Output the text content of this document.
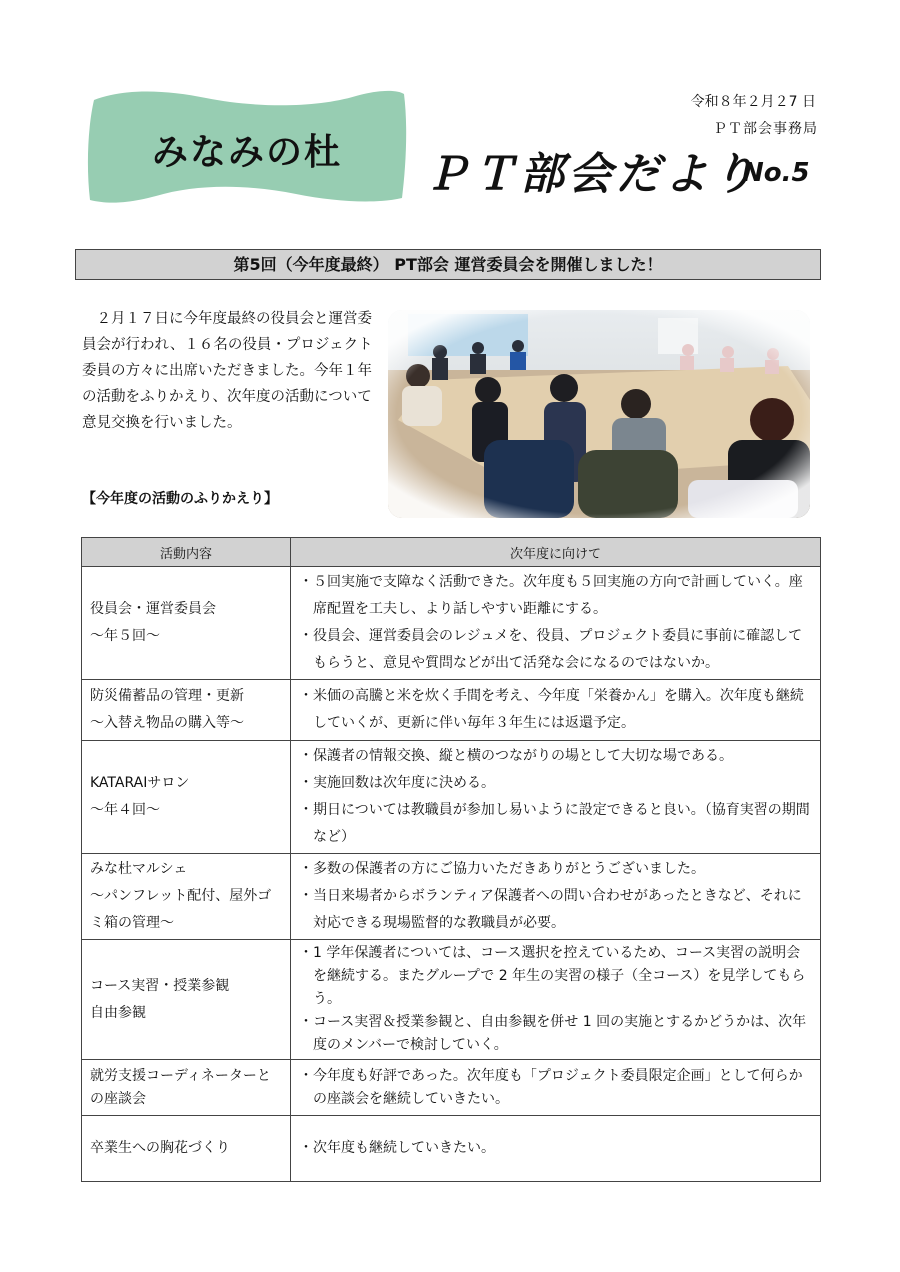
みなみの杜
令和８年２月２7 日
ＰＴ部会事務局
ＰＴ部会だより
No.5
第5回（今年度最終） PT部会 運営委員会を開催しました！
２月１７日に今年度最終の役員会と運営委員会が行われ、１６名の役員・プロジェクト委員の方々に出席いただきました。今年１年の活動をふりかえり、次年度の活動について意見交換を行いました。
【今年度の活動のふりかえり】
活動内容	次年度に向けて

役員会・運営委員会
～年５回～	・５回実施で支障なく活動できた。次年度も５回実施の方向で計画していく。座席配置を工夫し、より話しやすい距離にする。
・役員会、運営委員会のレジュメを、役員、プロジェクト委員に事前に確認してもらうと、意見や質問などが出て活発な会になるのではないか。

防災備蓄品の管理・更新
～入替え物品の購入等～	・米価の高騰と米を炊く手間を考え、今年度「栄養かん」を購入。次年度も継続していくが、更新に伴い毎年３年生には返還予定。

KATARAIサロン
～年４回～	・保護者の情報交換、縦と横のつながりの場として大切な場である。
・実施回数は次年度に決める。
・期日については教職員が参加し易いように設定できると良い。（協育実習の期間など）

みな杜マルシェ
～パンフレット配付、屋外ゴミ箱の管理～	・多数の保護者の方にご協力いただきありがとうございました。
・当日来場者からボランティア保護者への問い合わせがあったときなど、それに対応できる現場監督的な教職員が必要。

コース実習・授業参観
自由参観	・1 学年保護者については、コース選択を控えているため、コース実習の説明会を継続する。またグループで 2 年生の実習の様子（全コース）を見学してもらう。
・コース実習＆授業参観と、自由参観を併せ 1 回の実施とするかどうかは、次年度のメンバーで検討していく。

就労支援コーディネーターとの座談会	・今年度も好評であった。次年度も「プロジェクト委員限定企画」として何らかの座談会を継続していきたい。

卒業生への胸花づくり	・次年度も継続していきたい。
